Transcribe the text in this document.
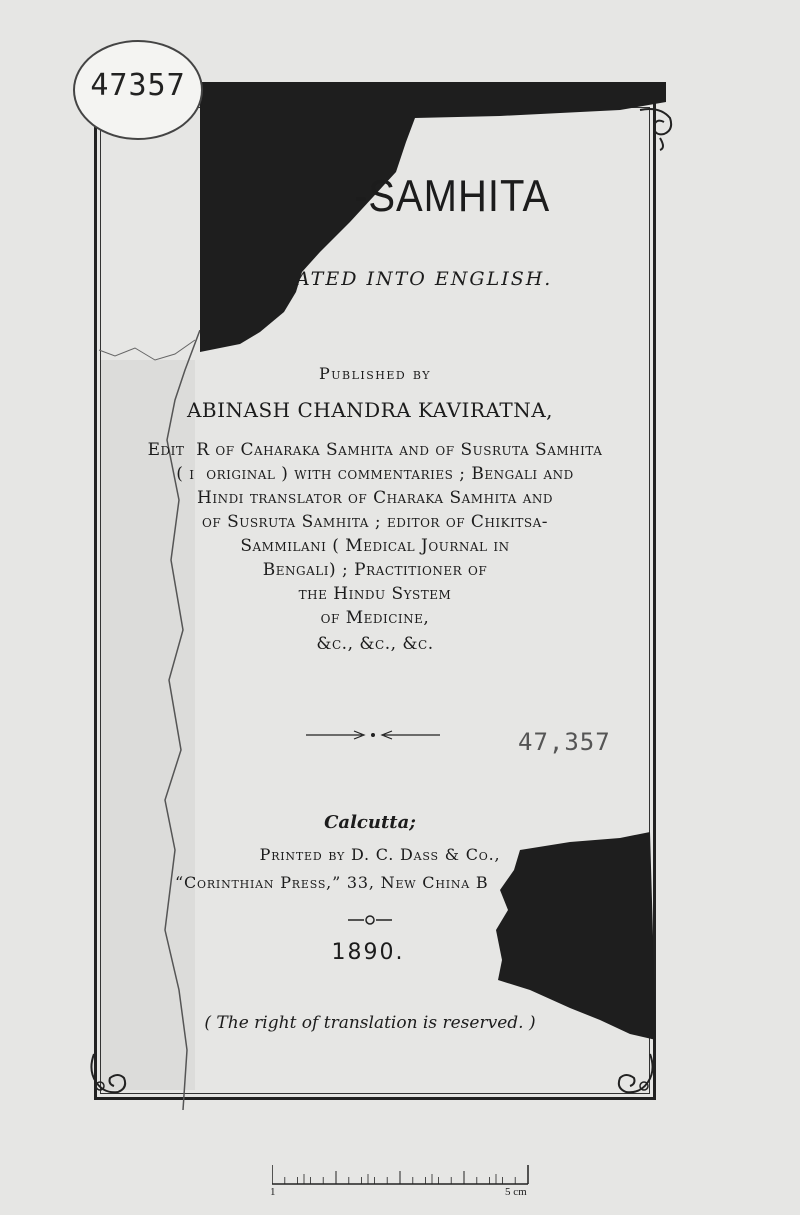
47357
-SAMHITA
ATED INTO ENGLISH.
Published by
ABINASH CHANDRA KAVIRATNA,
Edit  R of Caharaka Samhita and of Susruta Samhita
( i  original ) with commentaries ; Bengali and
Hindi translator of Charaka Samhita and
of Susruta Samhita ; editor of Chikitsa-
Sammilani ( Medical Journal in
Bengali) ; Practitioner of
the Hindu System
of Medicine,
&c., &c., &c.
47,357
Calcutta;
Printed by D. C. Dass & Co.,
“Corinthian Press,” 33, New China B
1890.
( The right of translation is reserved. )
1	5 cm
